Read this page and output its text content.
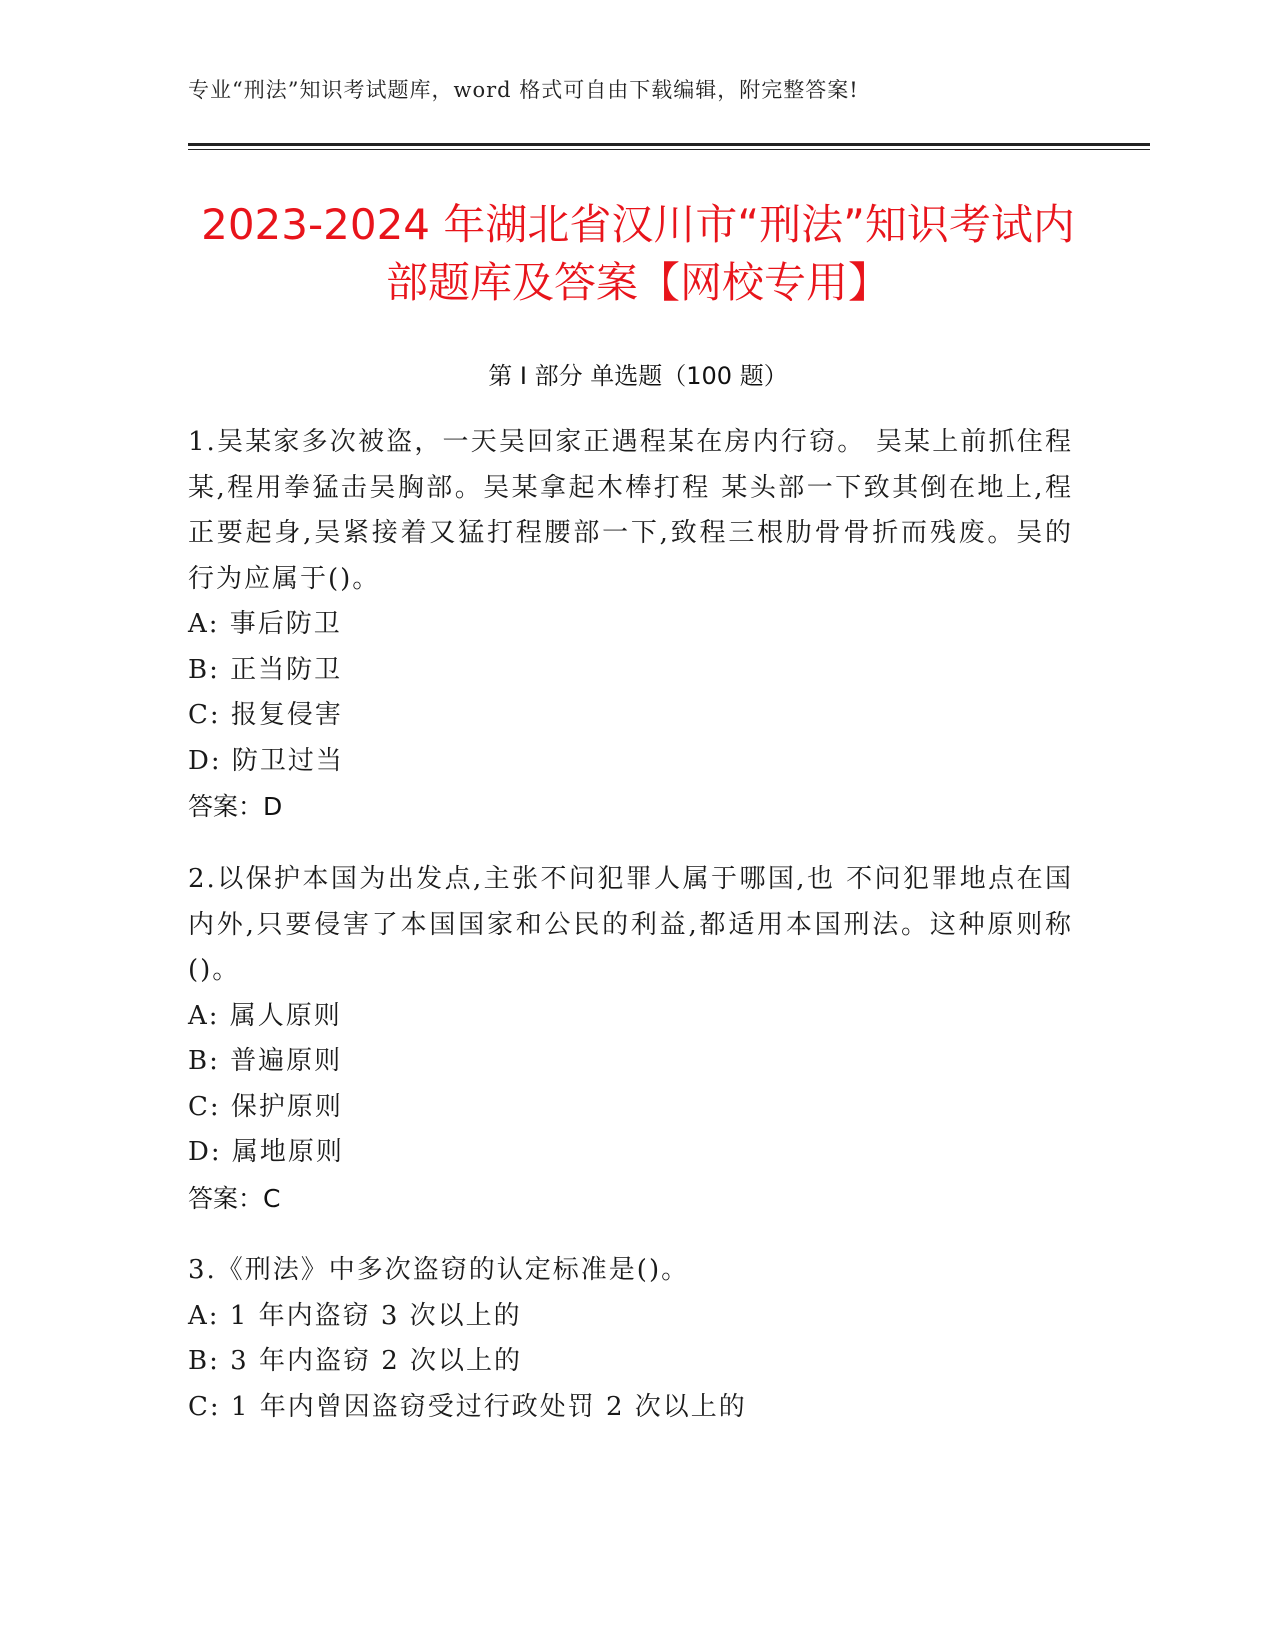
专业“刑法”知识考试题库，word 格式可自由下载编辑，附完整答案!
2023-2024 年湖北省汉川市“刑法”知识考试内部题库及答案【网校专用】
第 I 部分 单选题（100 题）

1.吴某家多次被盗，一天吴回家正遇程某在房内行窃。 吴某上前抓住程某,程用拳猛击吴胸部。吴某拿起木棒打程 某头部一下致其倒在地上,程正要起身,吴紧接着又猛打程腰部一下,致程三根肋骨骨折而残废。吴的行为应属于()。

A: 事后防卫

B: 正当防卫

C: 报复侵害

D: 防卫过当

答案：D

2.以保护本国为出发点,主张不问犯罪人属于哪国,也 不问犯罪地点在国内外,只要侵害了本国国家和公民的利益,都适用本国刑法。这种原则称()。

A: 属人原则

B: 普遍原则

C: 保护原则

D: 属地原则

答案：C

3.《刑法》中多次盗窃的认定标准是()。

A: 1 年内盗窃 3 次以上的

B: 3 年内盗窃 2 次以上的

C: 1 年内曾因盗窃受过行政处罚 2 次以上的
